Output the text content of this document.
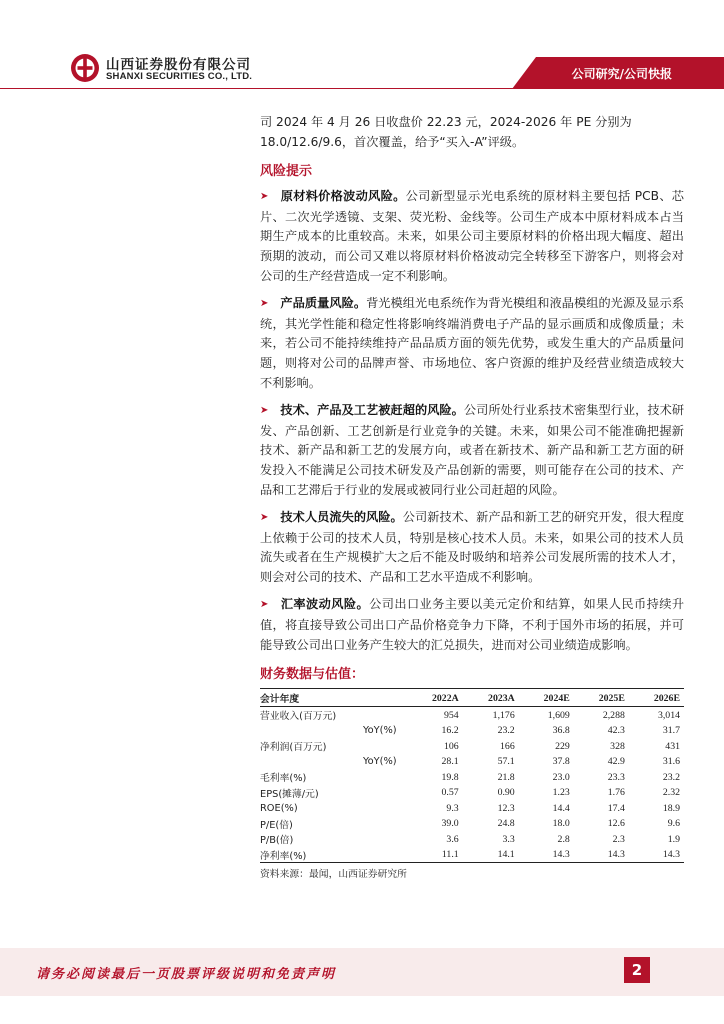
山西证券股份有限公司
SHANXI SECURITIES CO., LTD.	公司研究/公司快报

司 2024 年 4 月 26 日收盘价 22.23 元，2024-2026 年 PE 分别为 18.0/12.6/9.6，首次覆盖，给予“买入-A”评级。

风险提示
➤ 原材料价格波动风险。公司新型显示光电系统的原材料主要包括 PCB、芯片、二次光学透镜、支架、荧光粉、金线等。公司生产成本中原材料成本占当期生产成本的比重较高。未来，如果公司主要原材料的价格出现大幅度、超出预期的波动，而公司又难以将原材料价格波动完全转移至下游客户，则将会对公司的生产经营造成一定不利影响。
➤ 产品质量风险。背光模组光电系统作为背光模组和液晶模组的光源及显示系统，其光学性能和稳定性将影响终端消费电子产品的显示画质和成像质量；未来，若公司不能持续维持产品品质方面的领先优势，或发生重大的产品质量问题，则将对公司的品牌声誉、市场地位、客户资源的维护及经营业绩造成较大不利影响。
➤ 技术、产品及工艺被赶超的风险。公司所处行业系技术密集型行业，技术研发、产品创新、工艺创新是行业竞争的关键。未来，如果公司不能准确把握新技术、新产品和新工艺的发展方向，或者在新技术、新产品和新工艺方面的研发投入不能满足公司技术研发及产品创新的需要，则可能存在公司的技术、产品和工艺滞后于行业的发展或被同行业公司赶超的风险。
➤ 技术人员流失的风险。公司新技术、新产品和新工艺的研究开发，很大程度上依赖于公司的技术人员，特别是核心技术人员。未来，如果公司的技术人员流失或者在生产规模扩大之后不能及时吸纳和培养公司发展所需的技术人才，则会对公司的技术、产品和工艺水平造成不利影响。
➤ 汇率波动风险。公司出口业务主要以美元定价和结算，如果人民币持续升值，将直接导致公司出口产品价格竞争力下降，不利于国外市场的拓展，并可能导致公司出口业务产生较大的汇兑损失，进而对公司业绩造成影响。
财务数据与估值：
会计年度	2022A	2023A	2024E	2025E	2026E
营业收入(百万元)	954	1,176	1,609	2,288	3,014
YoY(%)	16.2	23.2	36.8	42.3	31.7
净利润(百万元)	106	166	229	328	431
YoY(%)	28.1	57.1	37.8	42.9	31.6
毛利率(%)	19.8	21.8	23.0	23.3	23.2
EPS(摊薄/元)	0.57	0.90	1.23	1.76	2.32
ROE(%)	9.3	12.3	14.4	17.4	18.9
P/E(倍)	39.0	24.8	18.0	12.6	9.6
P/B(倍)	3.6	3.3	2.8	2.3	1.9
净利率(%)	11.1	14.1	14.3	14.3	14.3
资料来源：最闻，山西证券研究所
请务必阅读最后一页股票评级说明和免责声明	2
